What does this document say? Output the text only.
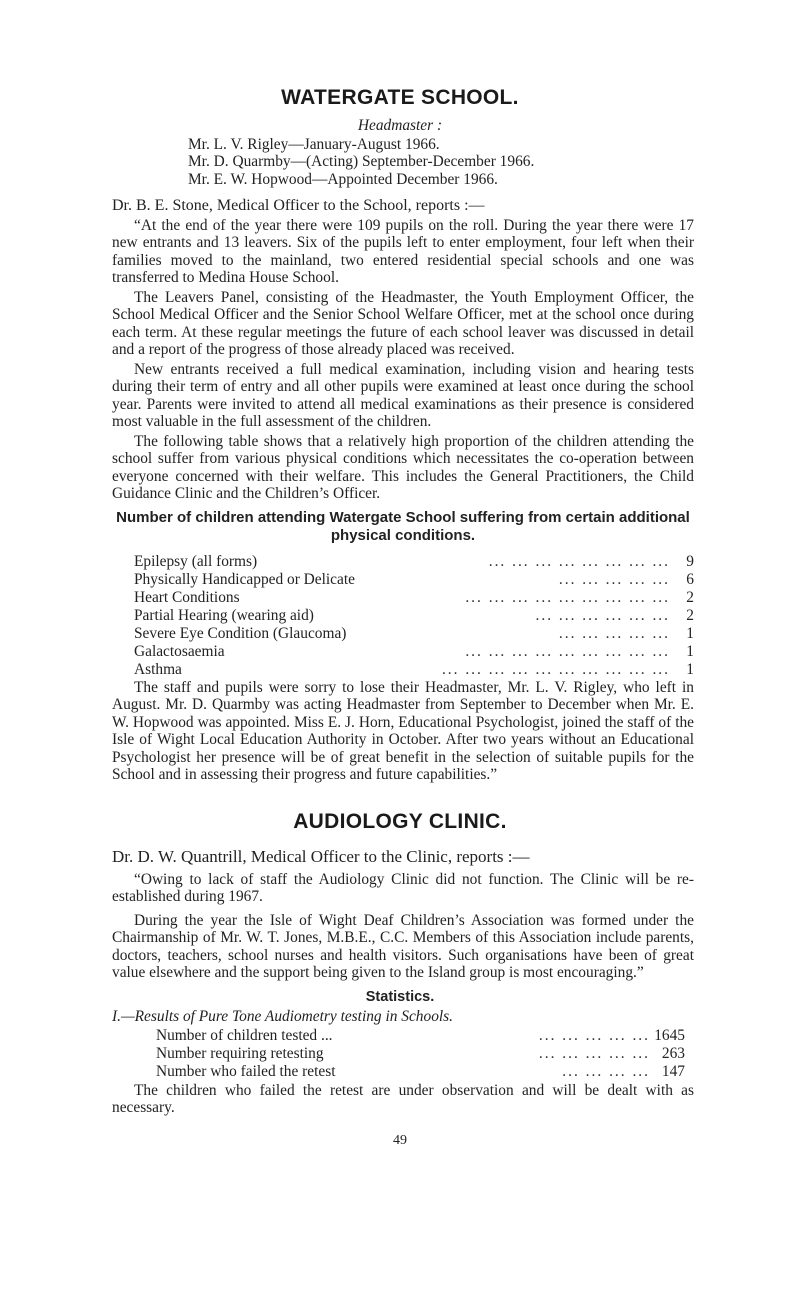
WATERGATE SCHOOL.
Headmaster :
Mr. L. V. Rigley—January-August 1966.
Mr. D. Quarmby—(Acting) September-December 1966.
Mr. E. W. Hopwood—Appointed December 1966.
Dr. B. E. Stone, Medical Officer to the School, reports :—
“At the end of the year there were 109 pupils on the roll. During the year there were 17 new entrants and 13 leavers. Six of the pupils left to enter employment, four left when their families moved to the mainland, two entered residential special schools and one was transferred to Medina House School.
The Leavers Panel, consisting of the Headmaster, the Youth Employment Officer, the School Medical Officer and the Senior School Welfare Officer, met at the school once during each term. At these regular meetings the future of each school leaver was discussed in detail and a report of the progress of those already placed was received.
New entrants received a full medical examination, including vision and hearing tests during their term of entry and all other pupils were examined at least once during the school year. Parents were invited to attend all medical examinations as their presence is considered most valuable in the full assessment of the children.
The following table shows that a relatively high proportion of the children attending the school suffer from various physical conditions which necessitates the co-operation between everyone concerned with their welfare. This includes the General Practitioners, the Child Guidance Clinic and the Children’s Officer.
Number of children attending Watergate School suffering from certain additional physical conditions.
Epilepsy (all forms)	... ... ... ... ... ... ... ...	9
Physically Handicapped or Delicate	... ... ... ... ...	6
Heart Conditions	... ... ... ... ... ... ... ... ...	2
Partial Hearing (wearing aid)	... ... ... ... ... ...	2
Severe Eye Condition (Glaucoma)	... ... ... ... ...	1
Galactosaemia	... ... ... ... ... ... ... ... ...	1
Asthma	... ... ... ... ... ... ... ... ... ...	1
The staff and pupils were sorry to lose their Headmaster, Mr. L. V. Rigley, who left in August. Mr. D. Quarmby was acting Headmaster from September to December when Mr. E. W. Hopwood was appointed. Miss E. J. Horn, Educational Psychologist, joined the staff of the Isle of Wight Local Education Authority in October. After two years without an Educational Psychologist her presence will be of great benefit in the selection of suitable pupils for the School and in assessing their progress and future capabilities.”
AUDIOLOGY CLINIC.
Dr. D. W. Quantrill, Medical Officer to the Clinic, reports :—
“Owing to lack of staff the Audiology Clinic did not function. The Clinic will be re-established during 1967.
During the year the Isle of Wight Deaf Children’s Association was formed under the Chairmanship of Mr. W. T. Jones, M.B.E., C.C. Members of this Association include parents, doctors, teachers, school nurses and health visitors. Such organisations have been of great value elsewhere and the support being given to the Island group is most encouraging.”
Statistics.
I.—Results of Pure Tone Audiometry testing in Schools.
Number of children tested ...	... ... ... ... ... 1645
Number requiring retesting	... ... ... ... ... 263
Number who failed the retest	... ... ... ... 147
The children who failed the retest are under observation and will be dealt with as necessary.
49
